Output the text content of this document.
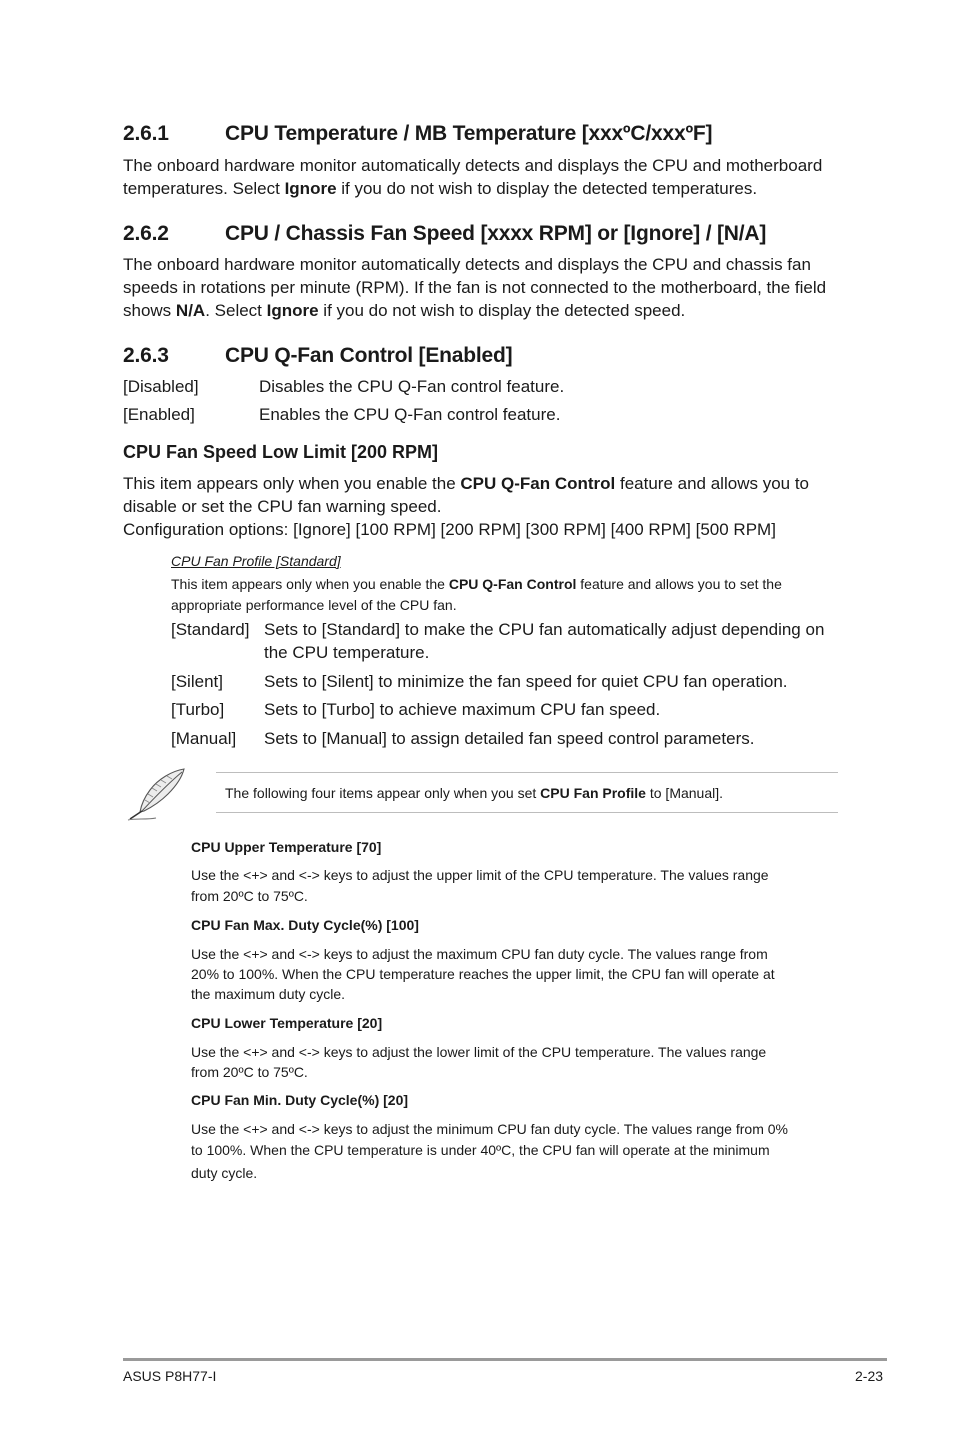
2.6.1	CPU Temperature / MB Temperature [xxxºC/xxxºF]
The onboard hardware monitor automatically detects and displays the CPU and motherboard
temperatures. Select Ignore if you do not wish to display the detected temperatures.
2.6.2	CPU / Chassis Fan Speed [xxxx RPM] or [Ignore] / [N/A]
The onboard hardware monitor automatically detects and displays the CPU and chassis fan
speeds in rotations per minute (RPM). If the fan is not connected to the motherboard, the field
shows N/A. Select Ignore if you do not wish to display the detected speed.
2.6.3	CPU Q-Fan Control [Enabled]
[Disabled]	Disables the CPU Q-Fan control feature.
[Enabled]	Enables the CPU Q-Fan control feature.
CPU Fan Speed Low Limit [200 RPM]
This item appears only when you enable the CPU Q-Fan Control feature and allows you to
disable or set the CPU fan warning speed.
Configuration options: [Ignore] [100 RPM] [200 RPM] [300 RPM] [400 RPM] [500 RPM]
CPU Fan Profile [Standard]
This item appears only when you enable the CPU Q-Fan Control feature and allows you to set the
appropriate performance level of the CPU fan.
[Standard] Sets to [Standard] to make the CPU fan automatically adjust depending on
the CPU temperature.
[Silent] Sets to [Silent] to minimize the fan speed for quiet CPU fan operation.
[Turbo] Sets to [Turbo] to achieve maximum CPU fan speed.
[Manual] Sets to [Manual] to assign detailed fan speed control parameters.
The following four items appear only when you set CPU Fan Profile to [Manual].
CPU Upper Temperature [70]
Use the <+> and <-> keys to adjust the upper limit of the CPU temperature. The values range
from 20ºC to 75ºC.
CPU Fan Max. Duty Cycle(%) [100]
Use the <+> and <-> keys to adjust the maximum CPU fan duty cycle. The values range from
20% to 100%. When the CPU temperature reaches the upper limit, the CPU fan will operate at
the maximum duty cycle.
CPU Lower Temperature [20]
Use the <+> and <-> keys to adjust the lower limit of the CPU temperature. The values range
from 20ºC to 75ºC.
CPU Fan Min. Duty Cycle(%) [20]
Use the <+> and <-> keys to adjust the minimum CPU fan duty cycle. The values range from 0%
to 100%. When the CPU temperature is under 40ºC, the CPU fan will operate at the minimum
duty cycle.
ASUS P8H77-I	2-23
